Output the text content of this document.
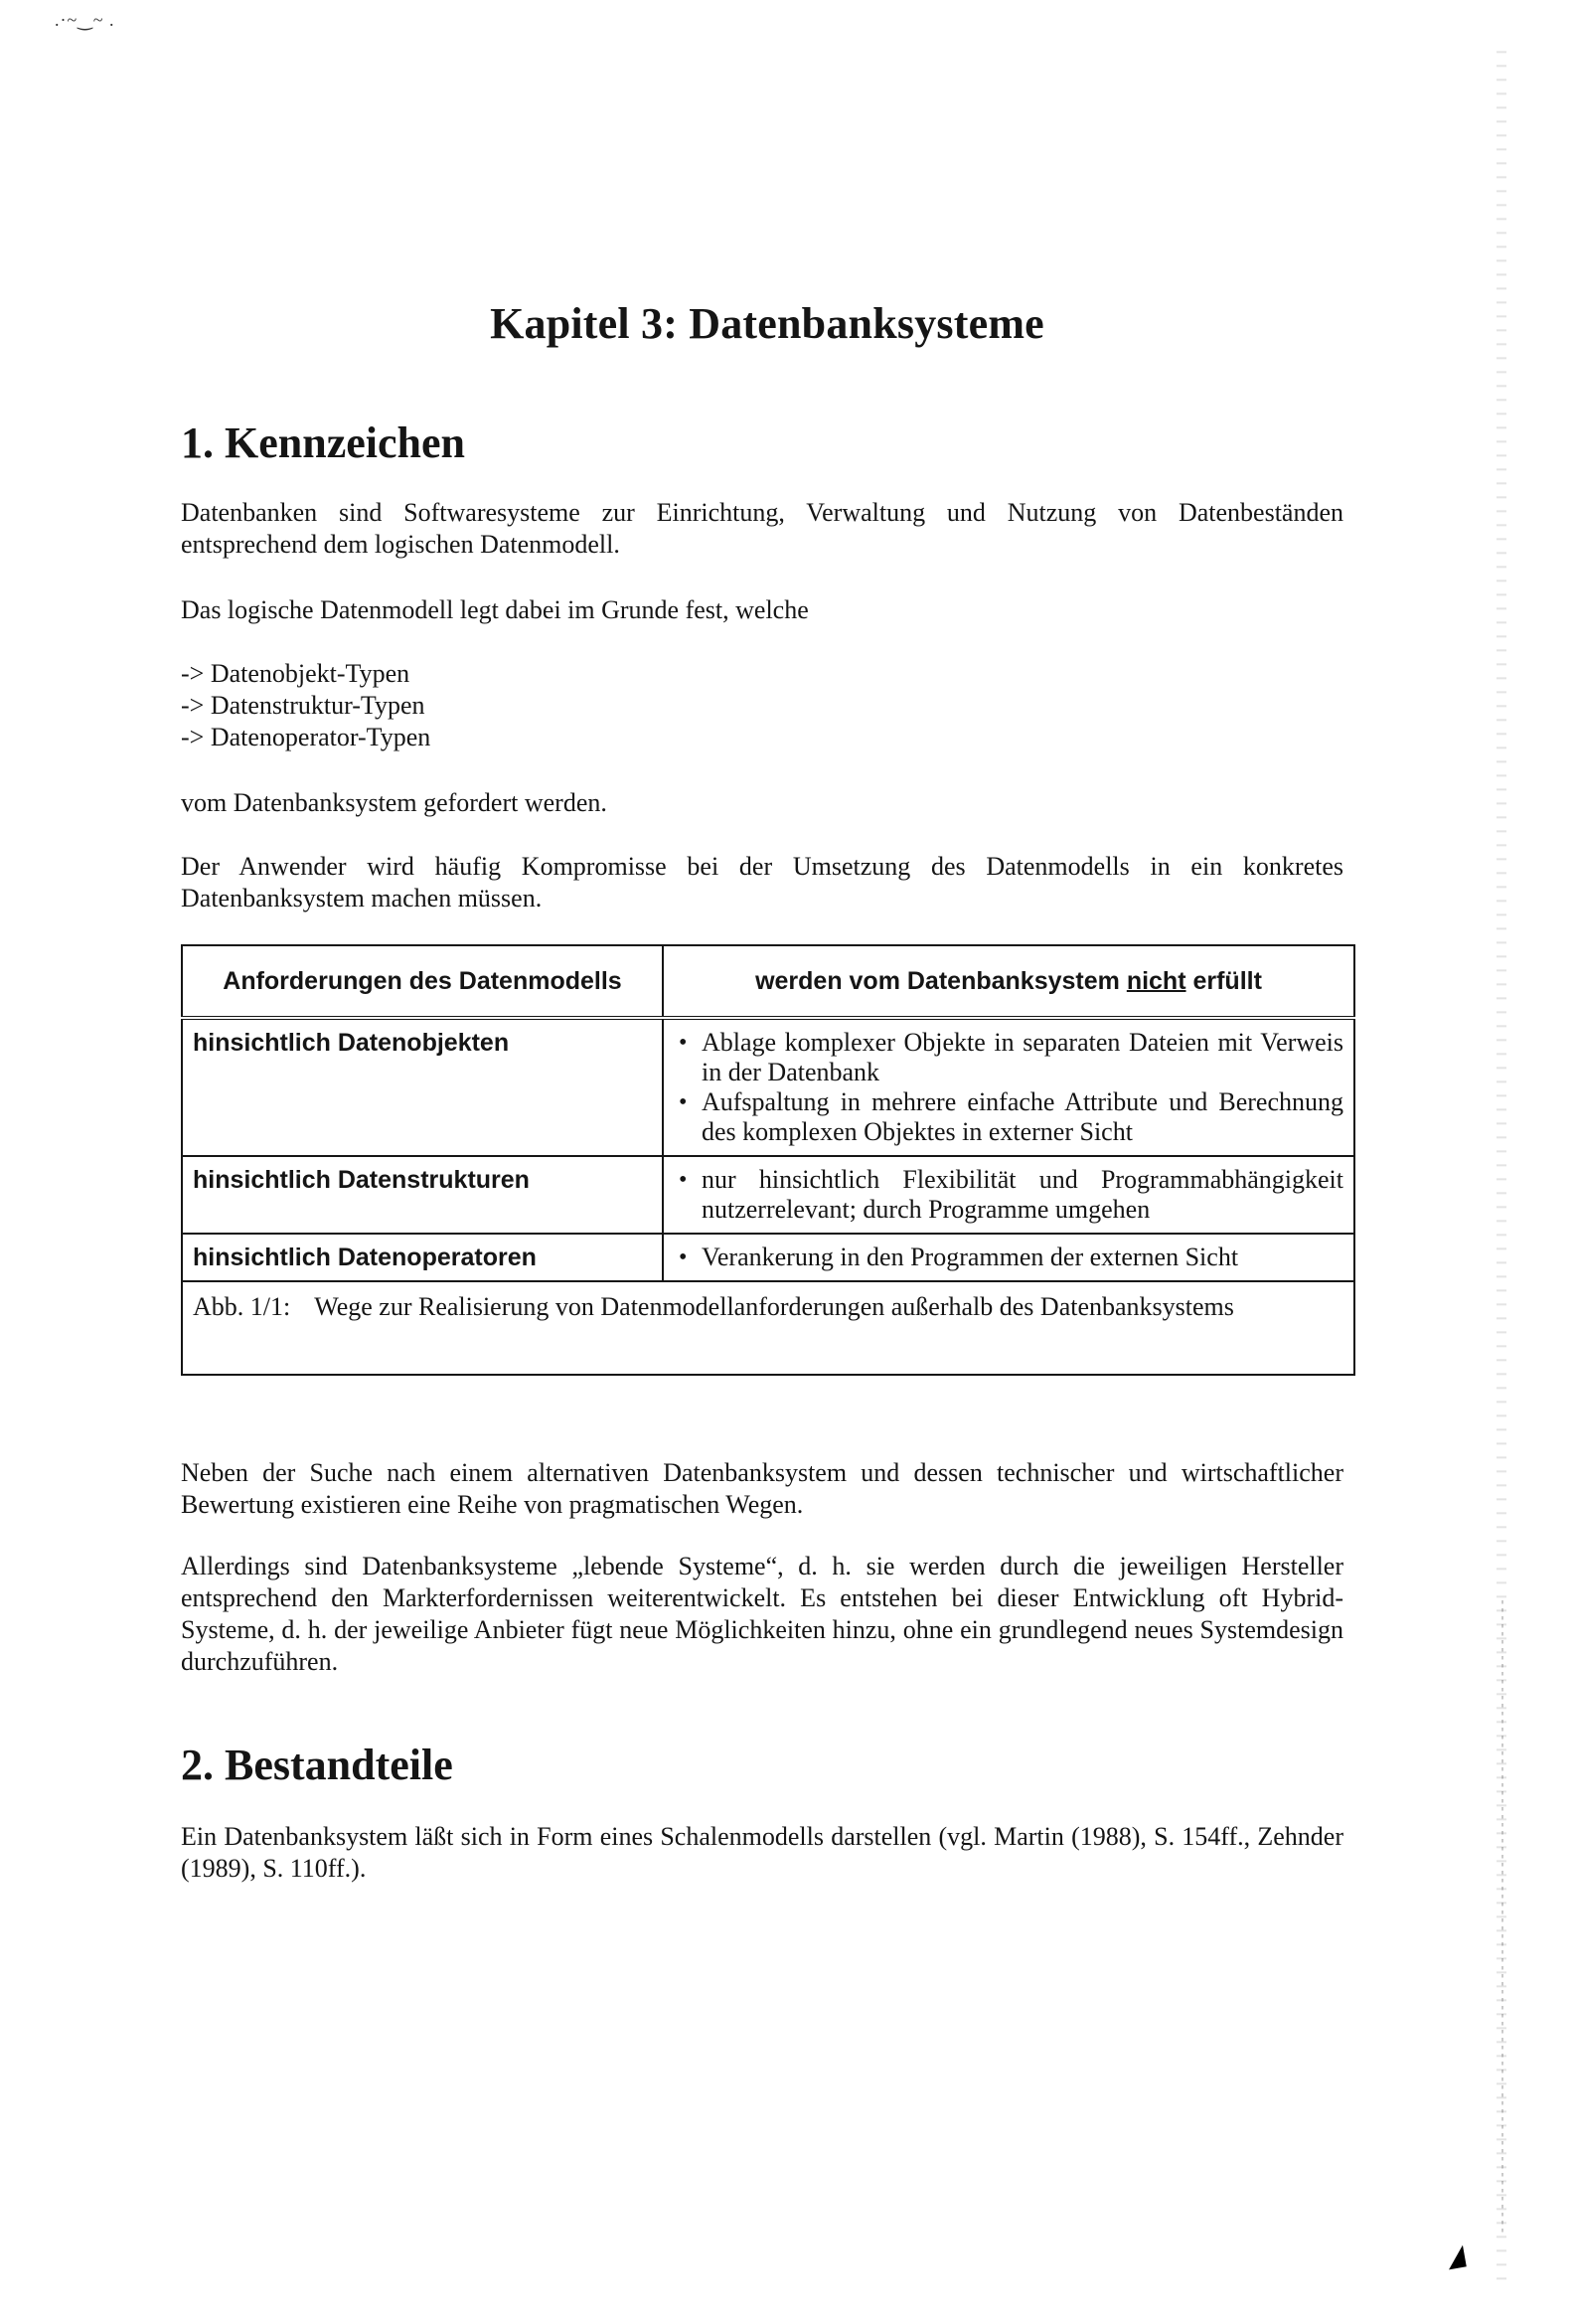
.·~‿~ .
Kapitel 3: Datenbanksysteme
1. Kennzeichen

Datenbanken sind Softwaresysteme zur Einrichtung, Verwaltung und Nutzung von Datenbeständen entsprechend dem logischen Datenmodell.

Das logische Datenmodell legt dabei im Grunde fest, welche

-> Datenobjekt-Typen
-> Datenstruktur-Typen
-> Datenoperator-Typen

vom Datenbanksystem gefordert werden.

Der Anwender wird häufig Kompromisse bei der Umsetzung des Datenmodells in ein konkretes Datenbanksystem machen müssen.

Anforderungen des Datenmodells	werden vom Datenbanksystem nicht erfüllt
hinsichtlich Datenobjekten	• Ablage komplexer Objekte in separaten Dateien mit Verweis in der Datenbank
• Aufspaltung in mehrere einfache Attribute und Berechnung des komplexen Objektes in externer Sicht

hinsichtlich Datenstrukturen	• nur hinsichtlich Flexibilität und Programmabhängigkeit nutzerrelevant; durch Programme umgehen

hinsichtlich Datenoperatoren	• Verankerung in den Programmen der externen Sicht

Abb. 1/1: Wege zur Realisierung von Datenmodellanforderungen außerhalb des Datenbanksystems	

Neben der Suche nach einem alternativen Datenbanksystem und dessen technischer und wirtschaftlicher Bewertung existieren eine Reihe von pragmatischen Wegen.

Allerdings sind Datenbanksysteme „lebende Systeme“, d. h. sie werden durch die jeweiligen Hersteller entsprechend den Markterfordernissen weiterentwickelt. Es entstehen bei dieser Entwicklung oft Hybrid-Systeme, d. h. der jeweilige Anbieter fügt neue Möglichkeiten hinzu, ohne ein grundlegend neues Systemdesign durchzuführen.

2. Bestandteile

Ein Datenbanksystem läßt sich in Form eines Schalenmodells darstellen (vgl. Martin (1988), S. 154ff., Zehnder (1989), S. 110ff.).
